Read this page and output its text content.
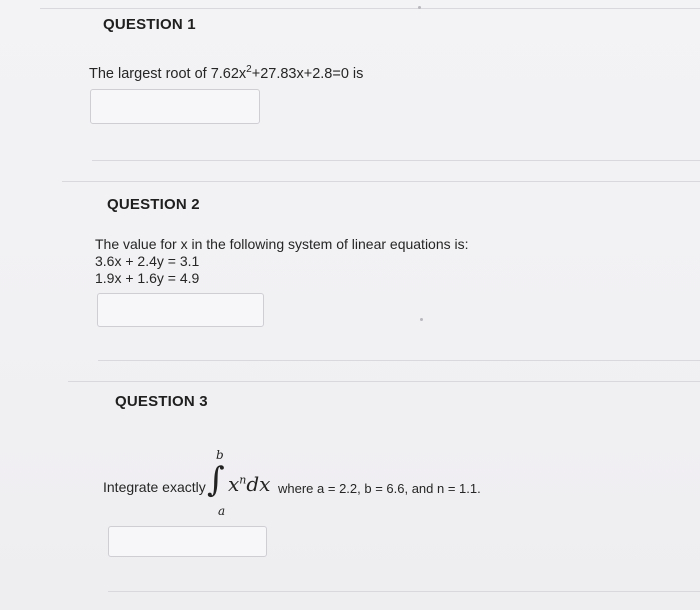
QUESTION 1
The largest root of $7.62x^2+27.83x+2.8=0$ is
QUESTION 2
The value for x in the following system of linear equations is:
3.6x + 2.4y = 3.1
1.9x + 1.6y = 4.9
QUESTION 3
Integrate exactly
b
∫
a
$x^ndx$ where a = 2.2, b = 6.6, and n = 1.1.
